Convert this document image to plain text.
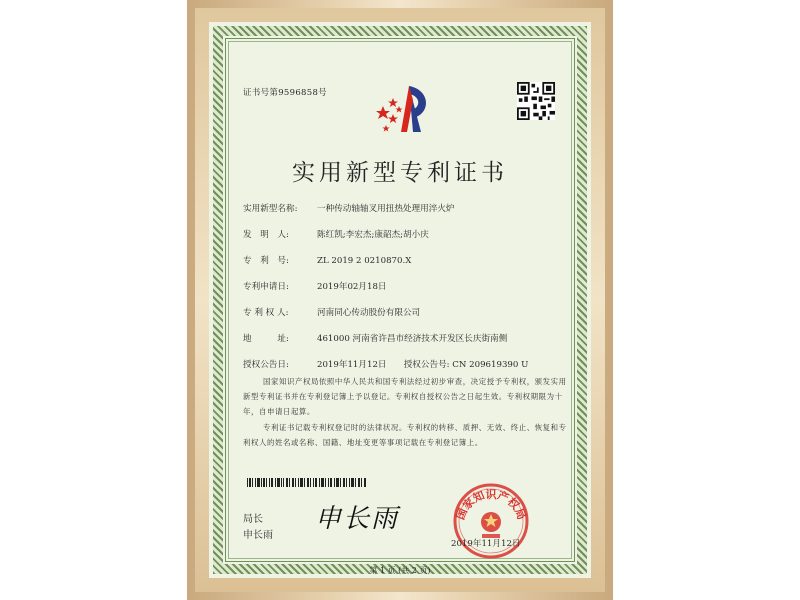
证书号第9596858号
实用新型专利证书
实用新型名称: 一种传动轴轴叉用扭热处理用淬火炉
发　明　人:	陈红凯;李宏杰;康韶杰;胡小庆
专　利　号:	ZL 2019 2 0210870.X
专利申请日:	2019年02月18日
专 利 权 人:	河南同心传动股份有限公司
地　　　址:	461000 河南省许昌市经济技术开发区长庆街南侧
授权公告日:	2019年11月12日　　授权公告号: CN 209619390 U
国家知识产权局依照中华人民共和国专利法经过初步审查，决定授予专利权，颁发实用新型专利证书并在专利登记簿上予以登记。专利权自授权公告之日起生效。专利权期限为十年，自申请日起算。
专利证书记载专利权登记时的法律状况。专利权的转移、质押、无效、终止、恢复和专利权人的姓名或名称、国籍、地址变更等事项记载在专利登记簿上。
局长
申长雨
申长雨	国家知识产权局
2019年11月12日
第 1 页 (共 2 页)
